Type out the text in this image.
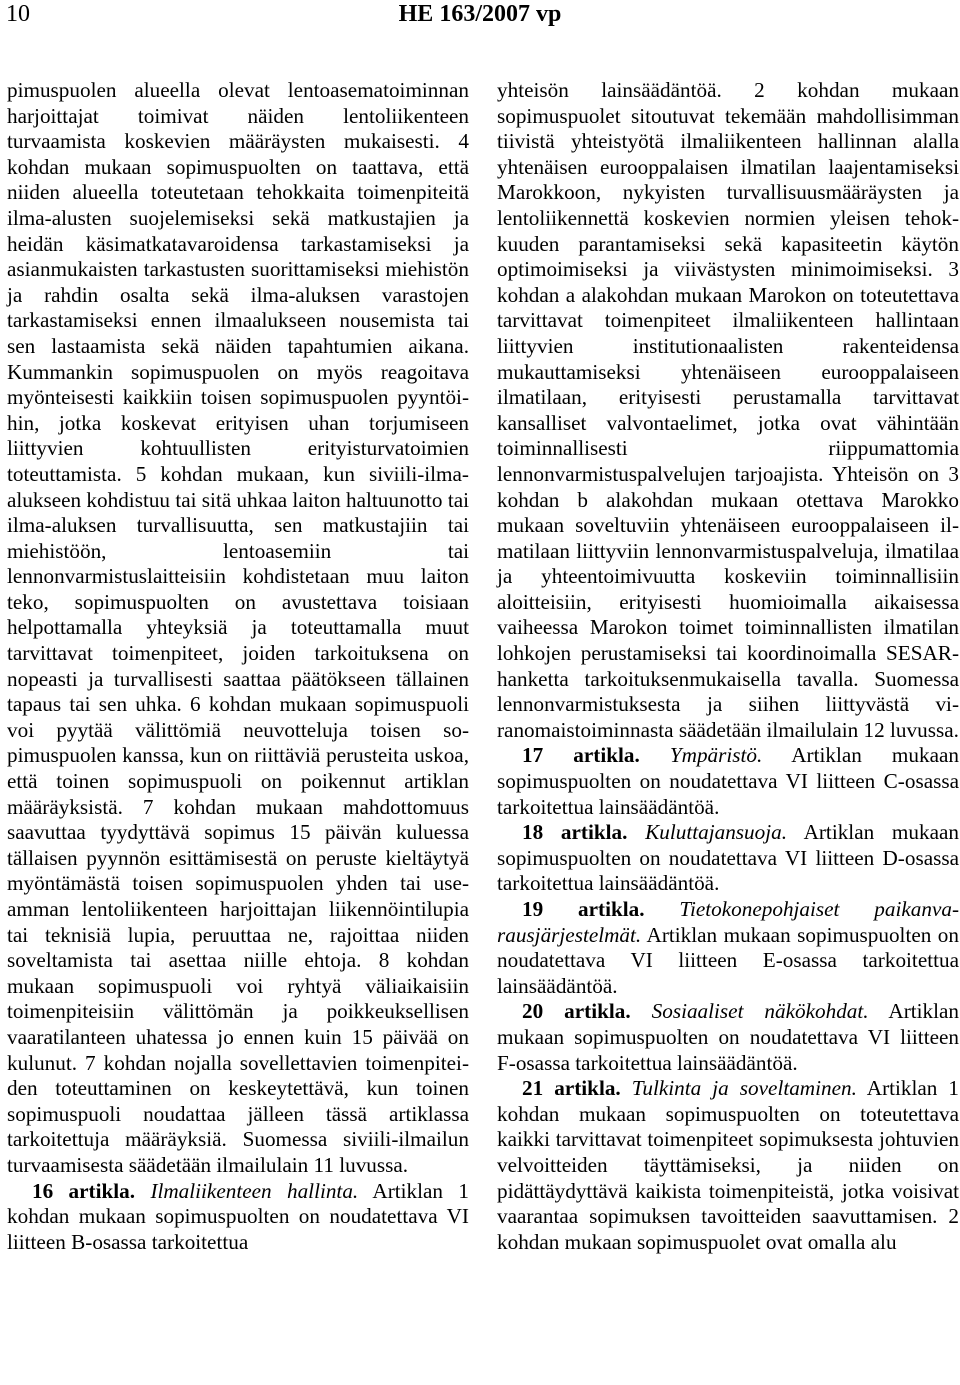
10	HE 163/2007 vp

pimuspuolen alueella olevat lentoasematoiminnan harjoittajat toimivat näiden lentoliikenteen turvaamista koskevien määräysten mukaisesti. 4 kohdan mukaan sopimuspuolten on taattava, että niiden alueella toteutetaan tehokkaita toimenpiteitä ilma-alusten suojelemiseksi sekä matkustajien ja heidän käsimatkatavaroidensa tarkastamiseksi ja asianmukaisten tarkastusten suorittamiseksi miehistön ja rahdin osalta sekä ilma-aluksen varastojen tarkastamiseksi ennen ilmaalukseen nousemista tai sen lastaamista sekä näiden tapahtumien aikana. Kummankin sopimuspuolen on myös reagoitava myönteisesti kaikkiin toisen sopimuspuolen pyyntöihin, jotka koskevat erityisen uhan torjumiseen liittyvien kohtuullisten erityisturvatoimien toteuttamista. 5 kohdan mukaan, kun siviili-ilma-alukseen kohdistuu tai sitä uhkaa laiton haltuunotto tai ilma-aluksen turvallisuutta, sen matkustajiin tai miehistöön, lentoasemiin tai lennonvarmistuslaitteisiin kohdistetaan muu laiton teko, sopimuspuolten on avustettava toisiaan helpottamalla yhteyksiä ja toteuttamalla muut tarvittavat toimenpiteet, joiden tarkoituksena on nopeasti ja turvallisesti saattaa päätökseen tällainen tapaus tai sen uhka. 6 kohdan mukaan sopimuspuoli voi pyytää välittömiä neuvotteluja toisen sopimuspuolen kanssa, kun on riittäviä perusteita uskoa, että toinen sopimuspuoli on poikennut artiklan määräyksistä. 7 kohdan mukaan mahdottomuus saavuttaa tyydyttävä sopimus 15 päivän kuluessa tällaisen pyynnön esittämisestä on peruste kieltäytyä myöntämästä toisen sopimuspuolen yhden tai useamman lentoliikenteen harjoittajan liikennöintilupia tai teknisiä lupia, peruuttaa ne, rajoittaa niiden soveltamista tai asettaa niille ehtoja. 8 kohdan mukaan sopimuspuoli voi ryhtyä väliaikaisiin toimenpiteisiin välittömän ja poikkeuksellisen vaaratilanteen uhatessa jo ennen kuin 15 päivää on kulunut. 7 kohdan nojalla sovellettavien toimenpiteiden toteuttaminen on keskeytettävä, kun toinen sopimuspuoli noudattaa jälleen tässä artiklassa tarkoitettuja määräyksiä. Suomessa siviili-ilmailun turvaamisesta säädetään ilmailulain 11 luvussa.

16 artikla. Ilmaliikenteen hallinta. Artiklan 1 kohdan mukaan sopimuspuolten on noudatettava VI liitteen B-osassa tarkoitettua

yhteisön lainsäädäntöä. 2 kohdan mukaan sopimuspuolet sitoutuvat tekemään mahdollisimman tiivistä yhteistyötä ilmaliikenteen hallinnan alalla yhtenäisen eurooppalaisen ilmatilan laajentamiseksi Marokkoon, nykyisten turvallisuusmääräysten ja lentoliikennettä koskevien normien yleisen tehokkuuden parantamiseksi sekä kapasiteetin käytön optimoimiseksi ja viivästysten minimoimiseksi. 3 kohdan a alakohdan mukaan Marokon on toteutettava tarvittavat toimenpiteet ilmaliikenteen hallintaan liittyvien institutionaalisten rakenteidensa mukauttamiseksi yhtenäiseen eurooppalaiseen ilmatilaan, erityisesti perustamalla tarvittavat kansalliset valvontaelimet, jotka ovat vähintään toiminnallisesti riippumattomia lennonvarmistuspalvelujen tarjoajista. Yhteisön on 3 kohdan b alakohdan mukaan otettava Marokko mukaan soveltuviin yhtenäiseen eurooppalaiseen ilmatilaan liittyviin lennonvarmistuspalveluja, ilmatilaa ja yhteentoimivuutta koskeviin toiminnallisiin aloitteisiin, erityisesti huomioimalla aikaisessa vaiheessa Marokon toimet toiminnallisten ilmatilan lohkojen perustamiseksi tai koordinoimalla SESAR-hanketta tarkoituksenmukaisella tavalla. Suomessa lennonvarmistuksesta ja siihen liittyvästä viranomaistoiminnasta säädetään ilmailulain 12 luvussa.

17 artikla. Ympäristö. Artiklan mukaan sopimuspuolten on noudatettava VI liitteen C-osassa tarkoitettua lainsäädäntöä.

18 artikla. Kuluttajansuoja. Artiklan mukaan sopimuspuolten on noudatettava VI liitteen D-osassa tarkoitettua lainsäädäntöä.

19 artikla. Tietokonepohjaiset paikanvarausjärjestelmät. Artiklan mukaan sopimuspuolten on noudatettava VI liitteen E-osassa tarkoitettua lainsäädäntöä.

20 artikla. Sosiaaliset näkökohdat. Artiklan mukaan sopimuspuolten on noudatettava VI liitteen F-osassa tarkoitettua lainsäädäntöä.

21 artikla. Tulkinta ja soveltaminen. Artiklan 1 kohdan mukaan sopimuspuolten on toteutettava kaikki tarvittavat toimenpiteet sopimuksesta johtuvien velvoitteiden täyttämiseksi, ja niiden on pidättäydyttävä kaikista toimenpiteistä, jotka voisivat vaarantaa sopimuksen tavoitteiden saavuttamisen. 2 kohdan mukaan sopimuspuolet ovat omalla alu
